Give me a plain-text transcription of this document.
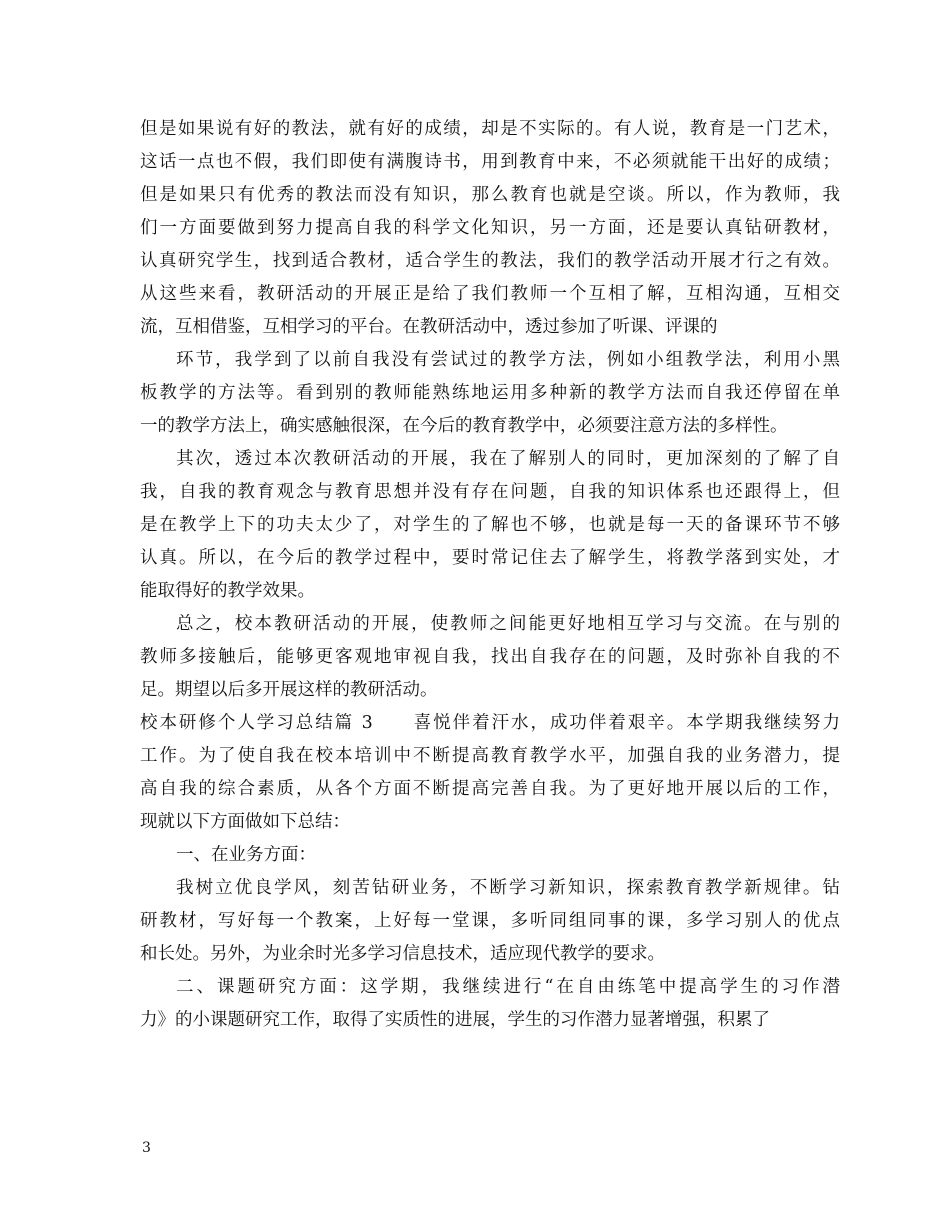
但是如果说有好的教法，就有好的成绩，却是不实际的。有人说，教育是一门艺术，
这话一点也不假，我们即使有满腹诗书，用到教育中来，不必须就能干出好的成绩；
但是如果只有优秀的教法而没有知识，那么教育也就是空谈。所以，作为教师，我
们一方面要做到努力提高自我的科学文化知识，另一方面，还是要认真钻研教材，
认真研究学生，找到适合教材，适合学生的教法，我们的教学活动开展才行之有效。
从这些来看，教研活动的开展正是给了我们教师一个互相了解，互相沟通，互相交
流，互相借鉴，互相学习的平台。在教研活动中，透过参加了听课、评课的
环节，我学到了以前自我没有尝试过的教学方法，例如小组教学法，利用小黑
板教学的方法等。看到别的教师能熟练地运用多种新的教学方法而自我还停留在单
一的教学方法上，确实感触很深，在今后的教育教学中，必须要注意方法的多样性。
其次，透过本次教研活动的开展，我在了解别人的同时，更加深刻的了解了自
我，自我的教育观念与教育思想并没有存在问题，自我的知识体系也还跟得上，但
是在教学上下的功夫太少了，对学生的了解也不够，也就是每一天的备课环节不够
认真。所以，在今后的教学过程中，要时常记住去了解学生，将教学落到实处，才
能取得好的教学效果。
总之，校本教研活动的开展，使教师之间能更好地相互学习与交流。在与别的
教师多接触后，能够更客观地审视自我，找出自我存在的问题，及时弥补自我的不
足。期望以后多开展这样的教研活动。
校本研修个人学习总结篇 3　　喜悦伴着汗水，成功伴着艰辛。本学期我继续努力
工作。为了使自我在校本培训中不断提高教育教学水平，加强自我的业务潜力，提
高自我的综合素质，从各个方面不断提高完善自我。为了更好地开展以后的工作，
现就以下方面做如下总结：
一、在业务方面：
我树立优良学风，刻苦钻研业务，不断学习新知识，探索教育教学新规律。钻
研教材，写好每一个教案，上好每一堂课，多听同组同事的课，多学习别人的优点
和长处。另外，为业余时光多学习信息技术，适应现代教学的要求。
二、课题研究方面：这学期，我继续进行“在自由练笔中提高学生的习作潜
力》的小课题研究工作，取得了实质性的进展，学生的习作潜力显著增强，积累了
3
